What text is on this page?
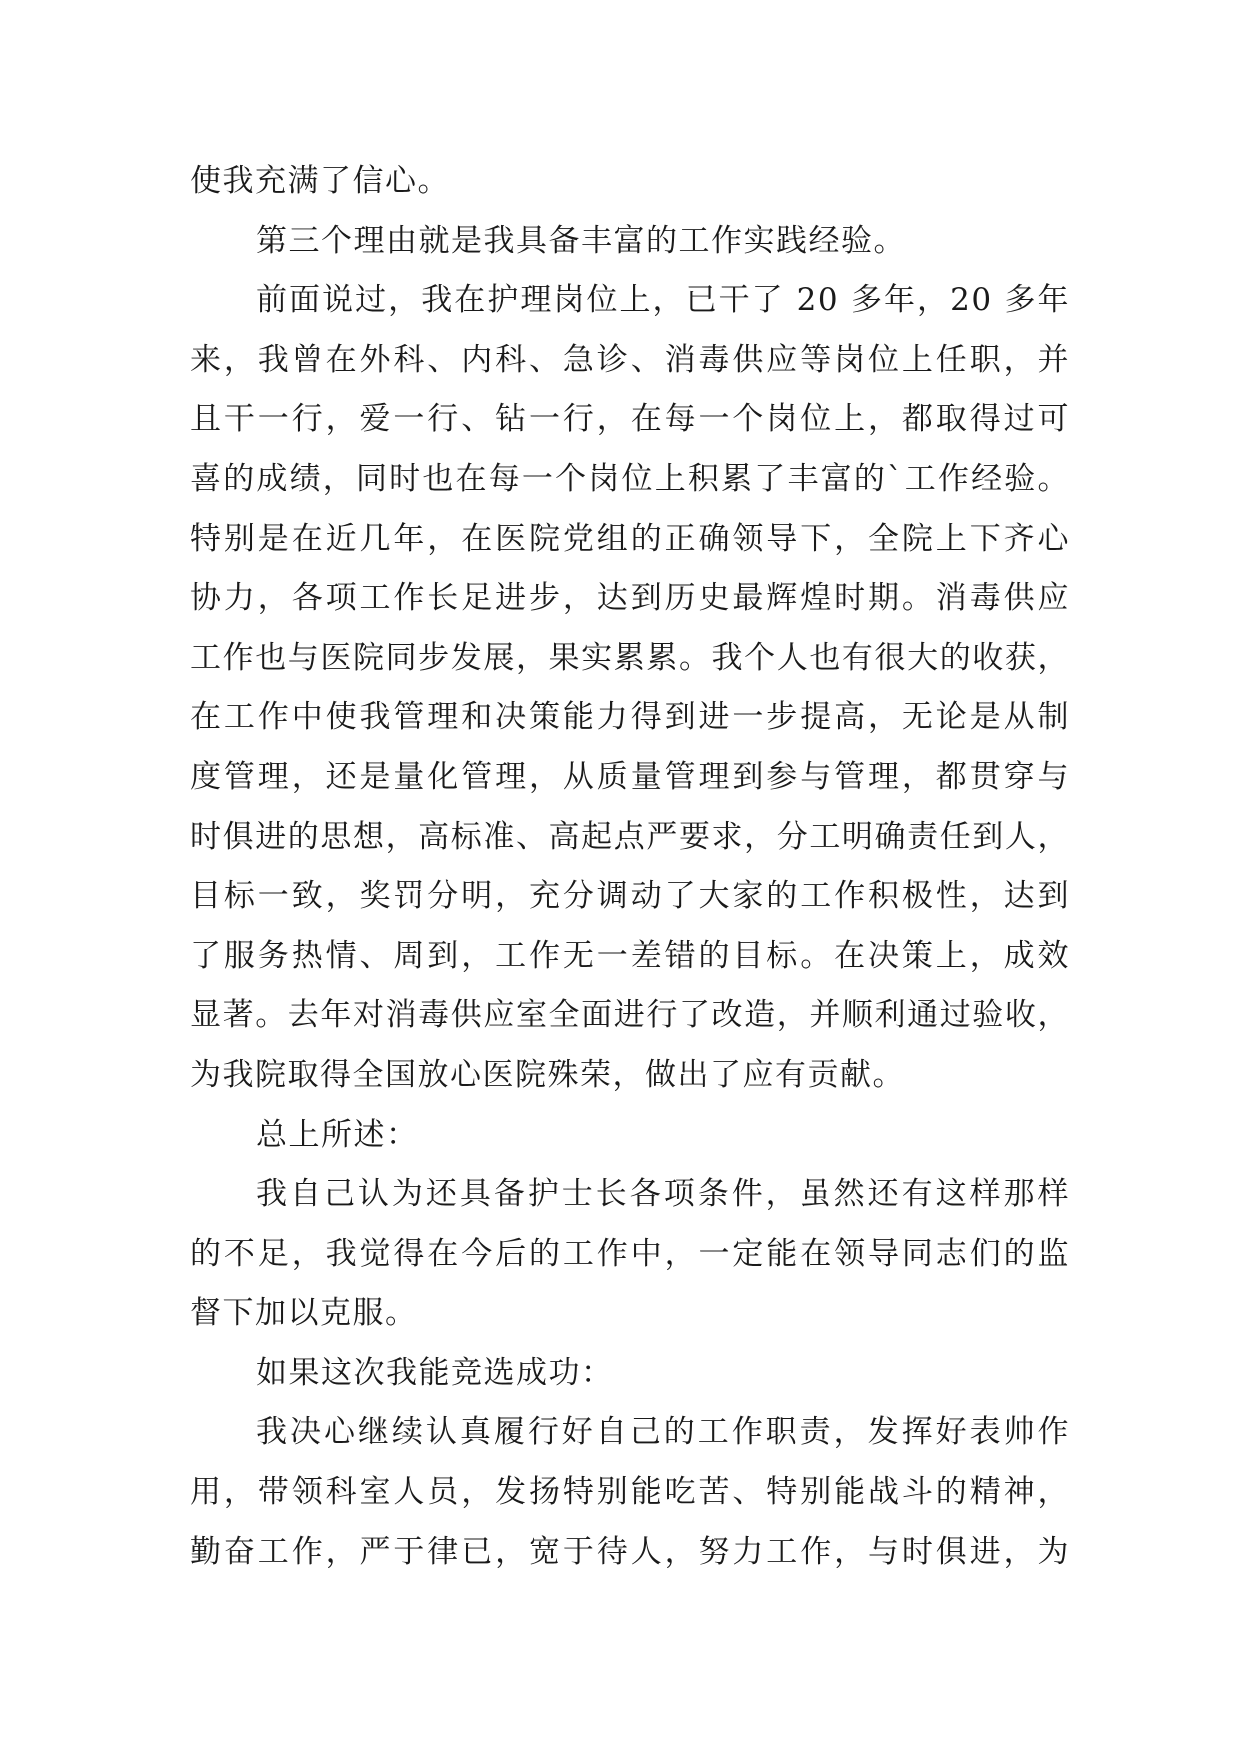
使我充满了信心。
第三个理由就是我具备丰富的工作实践经验。
前面说过，我在护理岗位上，已干了 20 多年，20 多年
来，我曾在外科、内科、急诊、消毒供应等岗位上任职，并
且干一行，爱一行、钻一行，在每一个岗位上，都取得过可
喜的成绩，同时也在每一个岗位上积累了丰富的`工作经验。
特别是在近几年，在医院党组的正确领导下，全院上下齐心
协力，各项工作长足进步，达到历史最辉煌时期。消毒供应
工作也与医院同步发展，果实累累。我个人也有很大的收获，
在工作中使我管理和决策能力得到进一步提高，无论是从制
度管理，还是量化管理，从质量管理到参与管理，都贯穿与
时俱进的思想，高标准、高起点严要求，分工明确责任到人，
目标一致，奖罚分明，充分调动了大家的工作积极性，达到
了服务热情、周到，工作无一差错的目标。在决策上，成效
显著。去年对消毒供应室全面进行了改造，并顺利通过验收，
为我院取得全国放心医院殊荣，做出了应有贡献。
总上所述：
我自己认为还具备护士长各项条件，虽然还有这样那样
的不足，我觉得在今后的工作中，一定能在领导同志们的监
督下加以克服。
如果这次我能竞选成功：
我决心继续认真履行好自己的工作职责，发挥好表帅作
用，带领科室人员，发扬特别能吃苦、特别能战斗的精神，
勤奋工作，严于律已，宽于待人，努力工作，与时俱进，为
